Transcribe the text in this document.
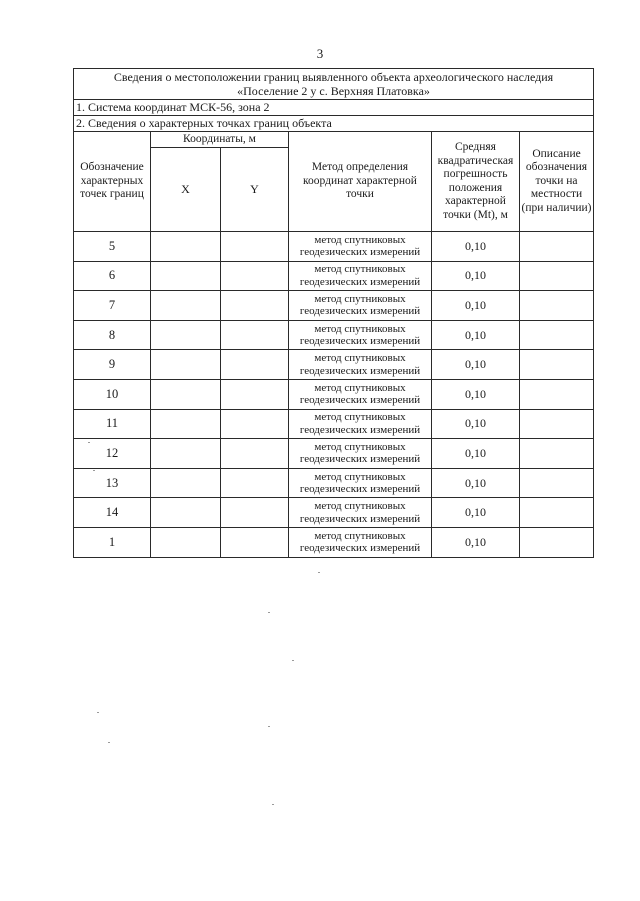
3
Сведения о местоположении границ выявленного объекта археологического наследия
«Поселение 2 у с. Верхняя Платовка»					

1. Система координат МСК-56, зона 2					
2. Сведения о характерных точках границ объекта					
Обозначение характерных точек границ	Координаты, м		Метод определения координат характерной точки	Средняя квадратическая погрешность положения характерной точки (Mt), м	Описание обозначения точки на местности (при наличии)
	X	Y			
5			метод спутниковых геодезических измерений	0,10	
6			метод спутниковых геодезических измерений	0,10	
7			метод спутниковых геодезических измерений	0,10	
8			метод спутниковых геодезических измерений	0,10	
9			метод спутниковых геодезических измерений	0,10	
10			метод спутниковых геодезических измерений	0,10	
11			метод спутниковых геодезических измерений	0,10	
12			метод спутниковых геодезических измерений	0,10	
13			метод спутниковых геодезических измерений	0,10	
14			метод спутниковых геодезических измерений	0,10	
1			метод спутниковых геодезических измерений	0,10	
